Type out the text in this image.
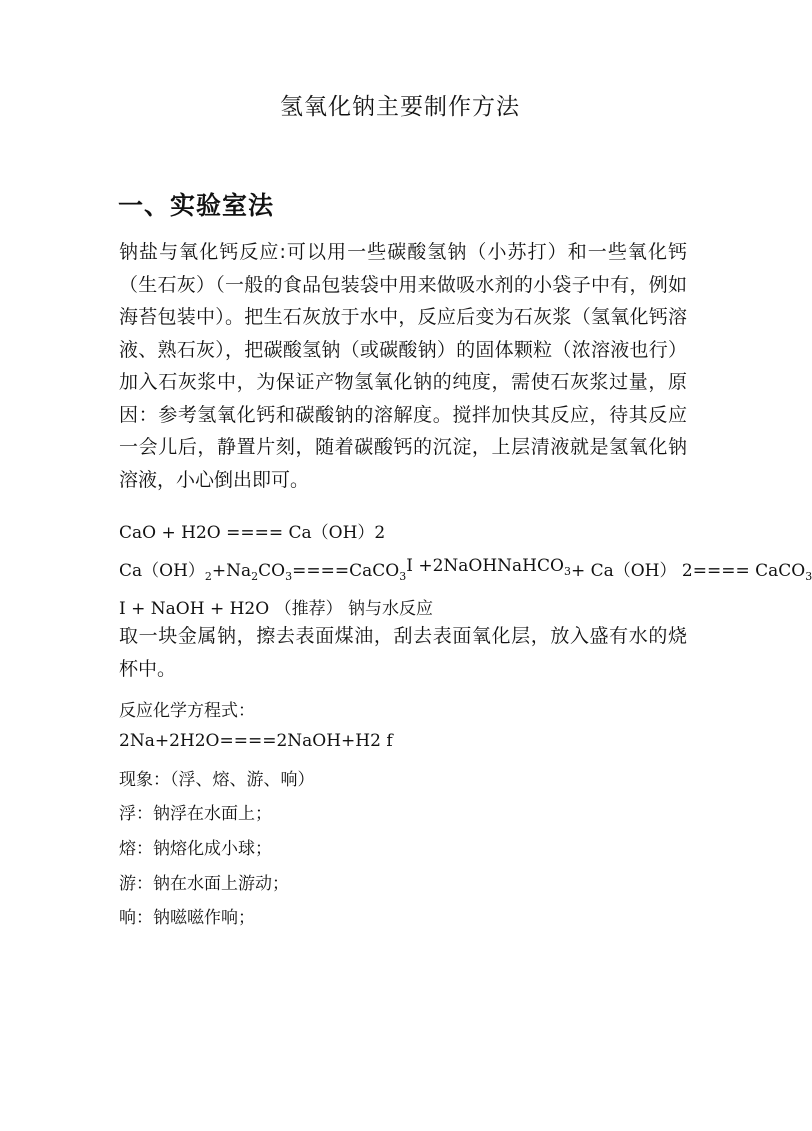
氢氧化钠主要制作方法
一、实验室法
钠盐与氧化钙反应:可以用一些碳酸氢钠（小苏打）和一些氧化钙（生石灰）（一般的食品包装袋中用来做吸水剂的小袋子中有，例如海苔包装中）。把生石灰放于水中，反应后变为石灰浆（氢氧化钙溶液、熟石灰），把碳酸氢钠（或碳酸钠）的固体颗粒（浓溶液也行）加入石灰浆中，为保证产物氢氧化钠的纯度，需使石灰浆过量，原因：参考氢氧化钙和碳酸钠的溶解度。搅拌加快其反应，待其反应一会儿后，静置片刻，随着碳酸钙的沉淀，上层清液就是氢氧化钠溶液，小心倒出即可。
CaO + H2O ==== Ca（OH）2
$Ca(OH)_2+Na_2CO_3====CaCO_3$
I +2NaOHNaHCO$_3$ + Ca（OH） 2==== CaCO$_3$
I + NaOH + H2O （推荐） 钠与水反应
取一块金属钠，擦去表面煤油，刮去表面氧化层，放入盛有水的烧杯中。
反应化学方程式：
2Na+2H2O====2NaOH+H2 f
现象：（浮、熔、游、响）
浮：钠浮在水面上；
熔：钠熔化成小球；
游：钠在水面上游动；
响：钠嗞嗞作响；
